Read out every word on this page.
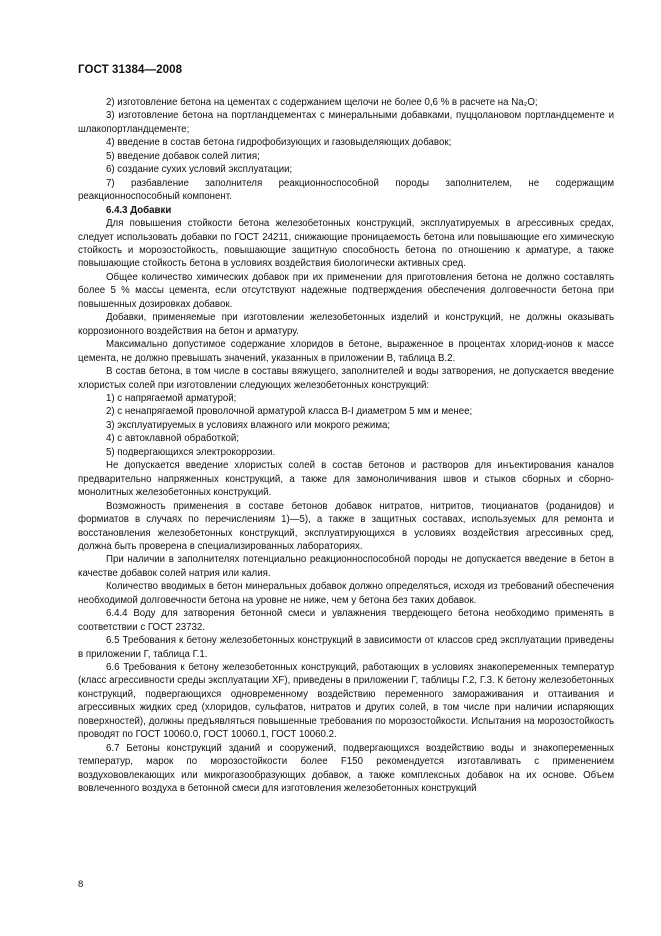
ГОСТ 31384—2008

2) изготовление бетона на цементах с содержанием щелочи не более 0,6 % в расчете на Na₂O;

3) изготовление бетона на портландцементах с минеральными добавками, пуццолановом портландцементе и шлакопортландцементе;

4) введение в состав бетона гидрофобизующих и газовыделяющих добавок;

5) введение добавок солей лития;

6) создание сухих условий эксплуатации;

7) разбавление заполнителя реакционноспособной породы заполнителем, не содержащим реакционноспособный компонент.

6.4.3 Добавки

Для повышения стойкости бетона железобетонных конструкций, эксплуатируемых в агрессивных средах, следует использовать добавки по ГОСТ 24211, снижающие проницаемость бетона или повышающие его химическую стойкость и морозостойкость, повышающие защитную способность бетона по отношению к арматуре, а также повышающие стойкость бетона в условиях воздействия биологически активных сред.

Общее количество химических добавок при их применении для приготовления бетона не должно составлять более 5 % массы цемента, если отсутствуют надежные подтверждения обеспечения долговечности бетона при повышенных дозировках добавок.

Добавки, применяемые при изготовлении железобетонных изделий и конструкций, не должны оказывать коррозионного воздействия на бетон и арматуру.

Максимально допустимое содержание хлоридов в бетоне, выраженное в процентах хлорид-ионов к массе цемента, не должно превышать значений, указанных в приложении В, таблица В.2.

В состав бетона, в том числе в составы вяжущего, заполнителей и воды затворения, не допускается введение хлористых солей при изготовлении следующих железобетонных конструкций:

1) с напрягаемой арматурой;

2) с ненапрягаемой проволочной арматурой класса В-I диаметром 5 мм и менее;

3) эксплуатируемых в условиях влажного или мокрого режима;

4) с автоклавной обработкой;

5) подвергающихся электрокоррозии.

Не допускается введение хлористых солей в состав бетонов и растворов для инъектирования каналов предварительно напряженных конструкций, а также для замоноличивания швов и стыков сборных и сборно-монолитных железобетонных конструкций.

Возможность применения в составе бетонов добавок нитратов, нитритов, тиоцианатов (роданидов) и формиатов в случаях по перечислениям 1)—5), а также в защитных составах, используемых для ремонта и восстановления железобетонных конструкций, эксплуатирующихся в условиях воздействия агрессивных сред, должна быть проверена в специализированных лабораториях.

При наличии в заполнителях потенциально реакционноспособной породы не допускается введение в бетон в качестве добавок солей натрия или калия.

Количество вводимых в бетон минеральных добавок должно определяться, исходя из требований обеспечения необходимой долговечности бетона на уровне не ниже, чем у бетона без таких добавок.

6.4.4 Воду для затворения бетонной смеси и увлажнения твердеющего бетона необходимо применять в соответствии с ГОСТ 23732.

6.5 Требования к бетону железобетонных конструкций в зависимости от классов сред эксплуатации приведены в приложении Г, таблица Г.1.

6.6 Требования к бетону железобетонных конструкций, работающих в условиях знакопеременных температур (класс агрессивности среды эксплуатации XF), приведены в приложении Г, таблицы Г.2, Г.3. К бетону железобетонных конструкций, подвергающихся одновременному воздействию переменного замораживания и оттаивания и агрессивных жидких сред (хлоридов, сульфатов, нитратов и других солей, в том числе при наличии испаряющих поверхностей), должны предъявляться повышенные требования по морозостойкости. Испытания на морозостойкость проводят по ГОСТ 10060.0, ГОСТ 10060.1, ГОСТ 10060.2.

6.7 Бетоны конструкций зданий и сооружений, подвергающихся воздействию воды и знакопеременных температур, марок по морозостойкости более F150 рекомендуется изготавливать с применением воздухововлекающих или микрогазообразующих добавок, а также комплексных добавок на их основе. Объем вовлеченного воздуха в бетонной смеси для изготовления железобетонных конструкций

8
